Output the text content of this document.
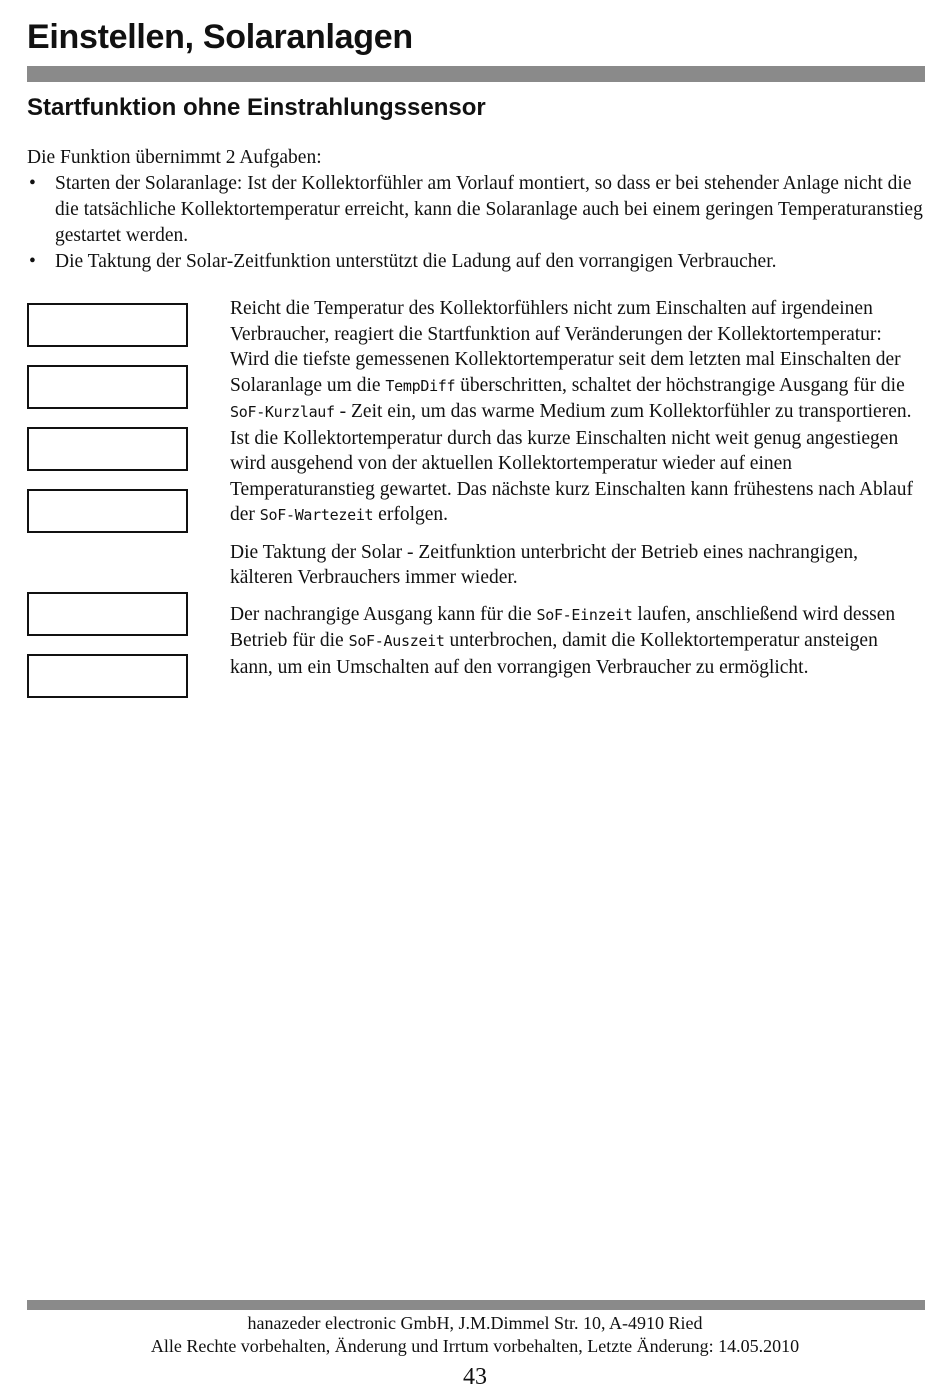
Einstellen, Solaranlagen
Startfunktion ohne Einstrahlungssensor

Die Funktion übernimmt 2 Aufgaben:

• Starten der Solaranlage: Ist der Kollektorfühler am Vorlauf montiert, so dass er bei stehender Anlage nicht die die tatsächliche Kollektortemperatur erreicht, kann die Solaranlage auch bei einem geringen Temperaturanstieg gestartet werden.
• Die Taktung der Solar-Zeitfunktion unterstützt die Ladung auf den vorrangigen Verbraucher.

Reicht die Temperatur des Kollektorfühlers nicht zum Einschalten auf irgendeinen Verbraucher, reagiert die Startfunktion auf Veränderungen der Kollektortemperatur:
Wird die tiefste gemessenen Kollektortemperatur seit dem letzten mal Einschalten der Solaranlage um die TempDiff überschritten, schaltet der höchstrangige Ausgang für die SoF-Kurzlauf - Zeit ein, um das warme Medium zum Kollektorfühler zu transportieren. Ist die Kollektortemperatur durch das kurze Einschalten nicht weit genug angestiegen wird ausgehend von der aktuellen Kollektortemperatur wieder auf einen Temperaturanstieg gewartet. Das nächste kurz Einschalten kann frühestens nach Ablauf der SoF-Wartezeit erfolgen.

Die Taktung der Solar - Zeitfunktion unterbricht der Betrieb eines nachrangigen, kälteren Verbrauchers immer wieder.

Der nachrangige Ausgang kann für die SoF-Einzeit laufen, anschließend wird dessen Betrieb für die SoF-Auszeit unterbrochen, damit die Kollektortemperatur ansteigen kann, um ein Umschalten auf den vorrangigen Verbraucher zu ermöglicht.

hanazeder electronic GmbH, J.M.Dimmel Str. 10, A-4910 Ried
Alle Rechte vorbehalten, Änderung und Irrtum vorbehalten, Letzte Änderung: 14.05.2010
43
